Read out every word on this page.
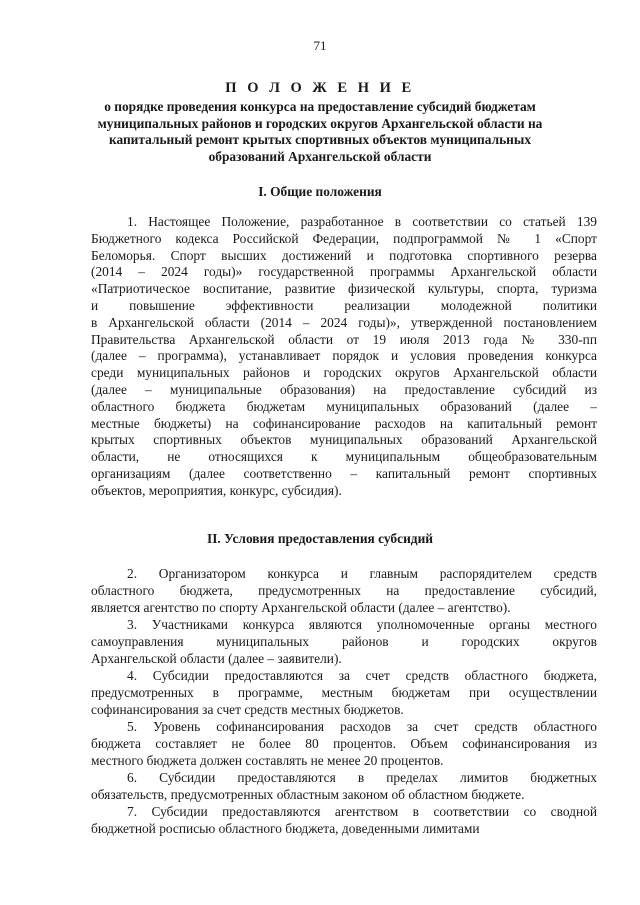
71
П О Л О Ж Е Н И Е
о порядке проведения конкурса на предоставление субсидий бюджетам муниципальных районов и городских округов Архангельской области на капитальный ремонт крытых спортивных объектов муниципальных образований Архангельской области
I. Общие положения
1. Настоящее Положение, разработанное в соответствии со статьей 139
Бюджетного кодекса Российской Федерации, подпрограммой № 1 «Спорт
Беломорья. Спорт высших достижений и подготовка спортивного резерва
(2014 – 2024 годы)» государственной программы Архангельской области
«Патриотическое воспитание, развитие физической культуры, спорта, туризма
и повышение эффективности реализации молодежной политики
в Архангельской области (2014 – 2024 годы)», утвержденной постановлением
Правительства Архангельской области от 19 июля 2013 года № 330-пп
(далее – программа), устанавливает порядок и условия проведения конкурса
среди муниципальных районов и городских округов Архангельской области
(далее – муниципальные образования) на предоставление субсидий из
областного бюджета бюджетам муниципальных образований (далее –
местные бюджеты) на софинансирование расходов на капитальный ремонт
крытых спортивных объектов муниципальных образований Архангельской
области, не относящихся к муниципальным общеобразовательным
организациям (далее соответственно – капитальный ремонт спортивных
объектов, мероприятия, конкурс, субсидия).
II. Условия предоставления субсидий
2. Организатором конкурса и главным распорядителем средств
областного бюджета, предусмотренных на предоставление субсидий,
является агентство по спорту Архангельской области (далее – агентство).
3. Участниками конкурса являются уполномоченные органы местного
самоуправления муниципальных районов и городских округов
Архангельской области (далее – заявители).
4. Субсидии предоставляются за счет средств областного бюджета,
предусмотренных в программе, местным бюджетам при осуществлении
софинансирования за счет средств местных бюджетов.
5. Уровень софинансирования расходов за счет средств областного
бюджета составляет не более 80 процентов. Объем софинансирования из
местного бюджета должен составлять не менее 20 процентов.
6. Субсидии предоставляются в пределах лимитов бюджетных
обязательств, предусмотренных областным законом об областном бюджете.
7. Субсидии предоставляются агентством в соответствии со сводной
бюджетной росписью областного бюджета, доведенными лимитами
